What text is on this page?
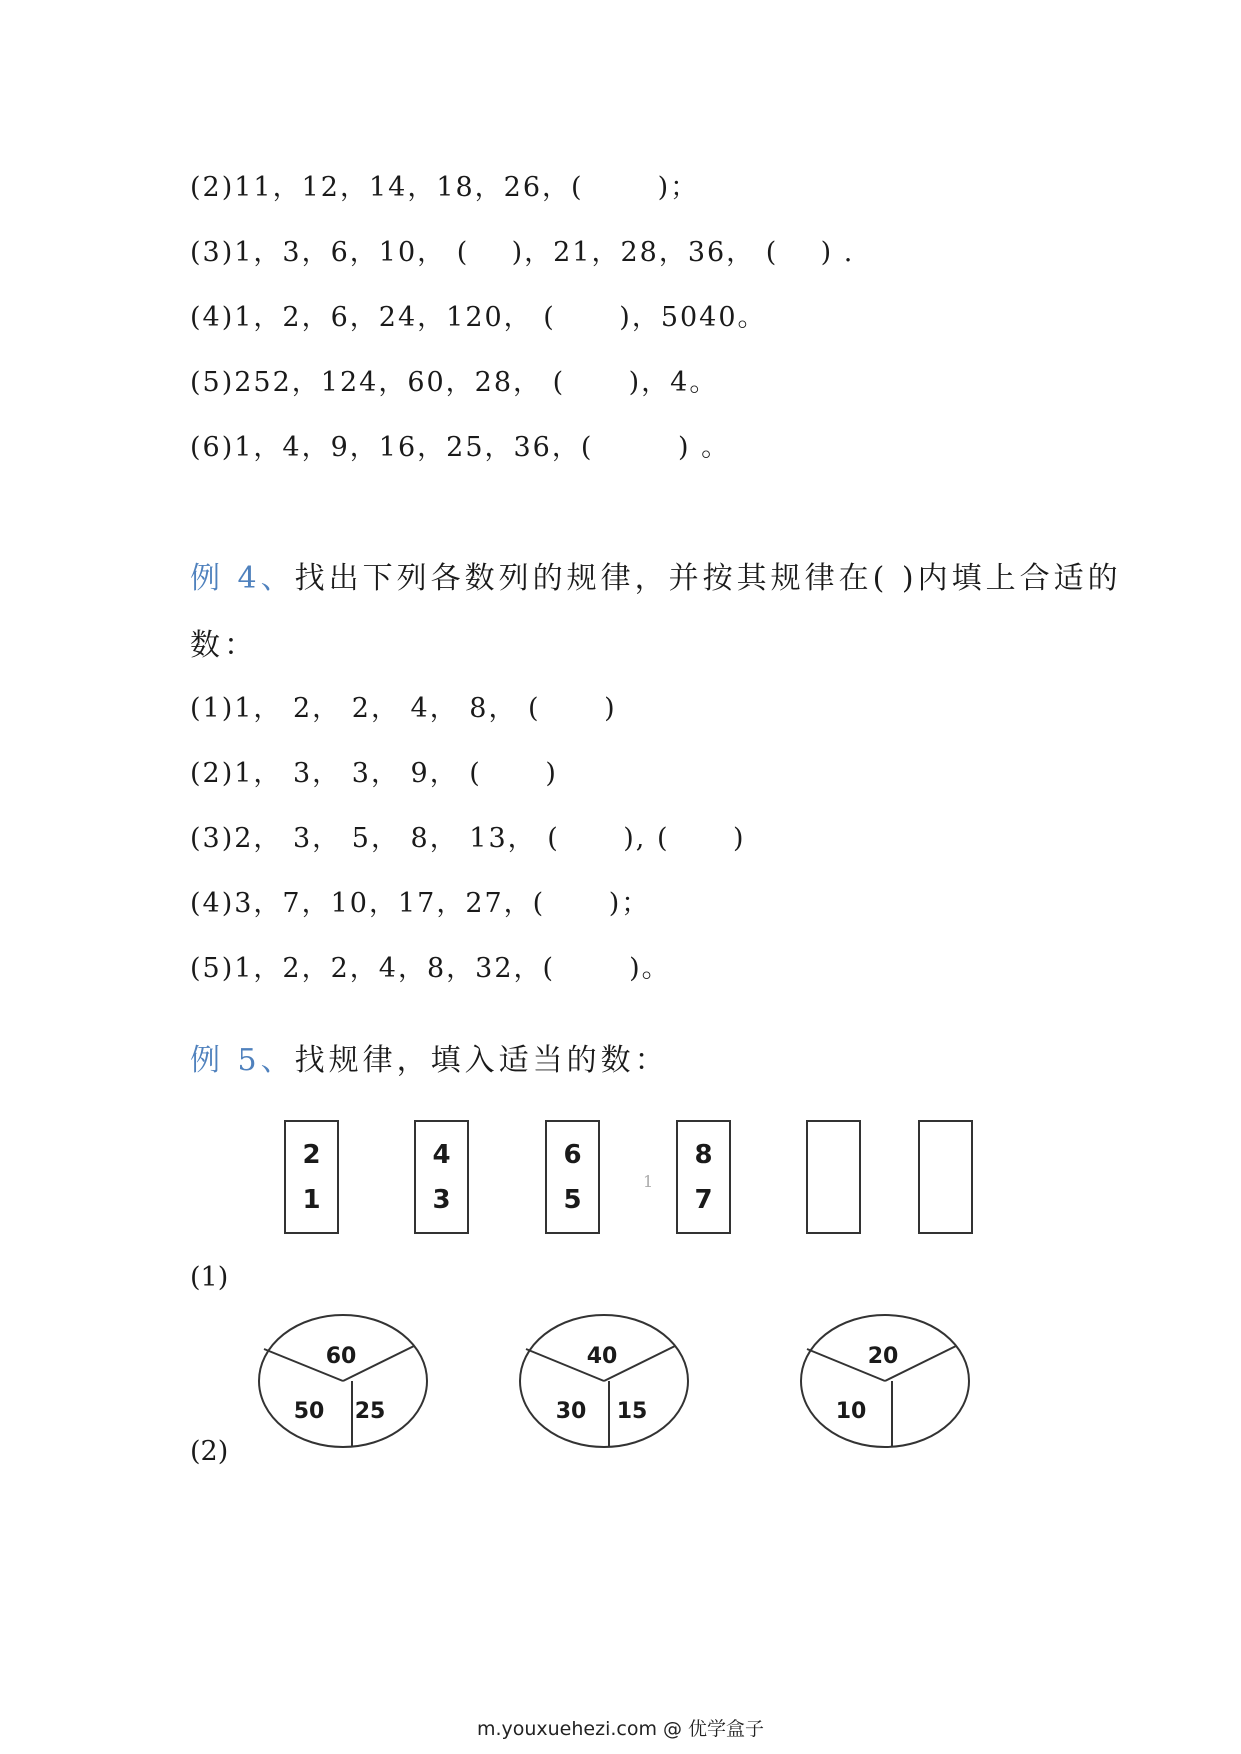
(2)11，12，14，18，26，(       )；
(3)1，3，6，10， (    )，21，28，36， (    ) .
(4)1，2，6，24，120， (      )，5040。
(5)252，124，60，28， (      )，4。
(6)1，4，9，16，25，36，(        ) 。
例 4、找出下列各数列的规律，并按其规律在( )内填上合适的
数：
(1)1， 2， 2， 4， 8， (      )
(2)1， 3， 3， 9， (      )
(3)2， 3， 5， 8， 13， (      ), (      )
(4)3，7，10，17，27，(      )；
(5)1，2，2，4，8，32，(       )。
例 5、找规律，填入适当的数：
2
1
4
3
6
5
1
8
7
(1)
60
50 25
40
30 15
20
10
(2)
m.youxuehezi.com @ 优学盒子
